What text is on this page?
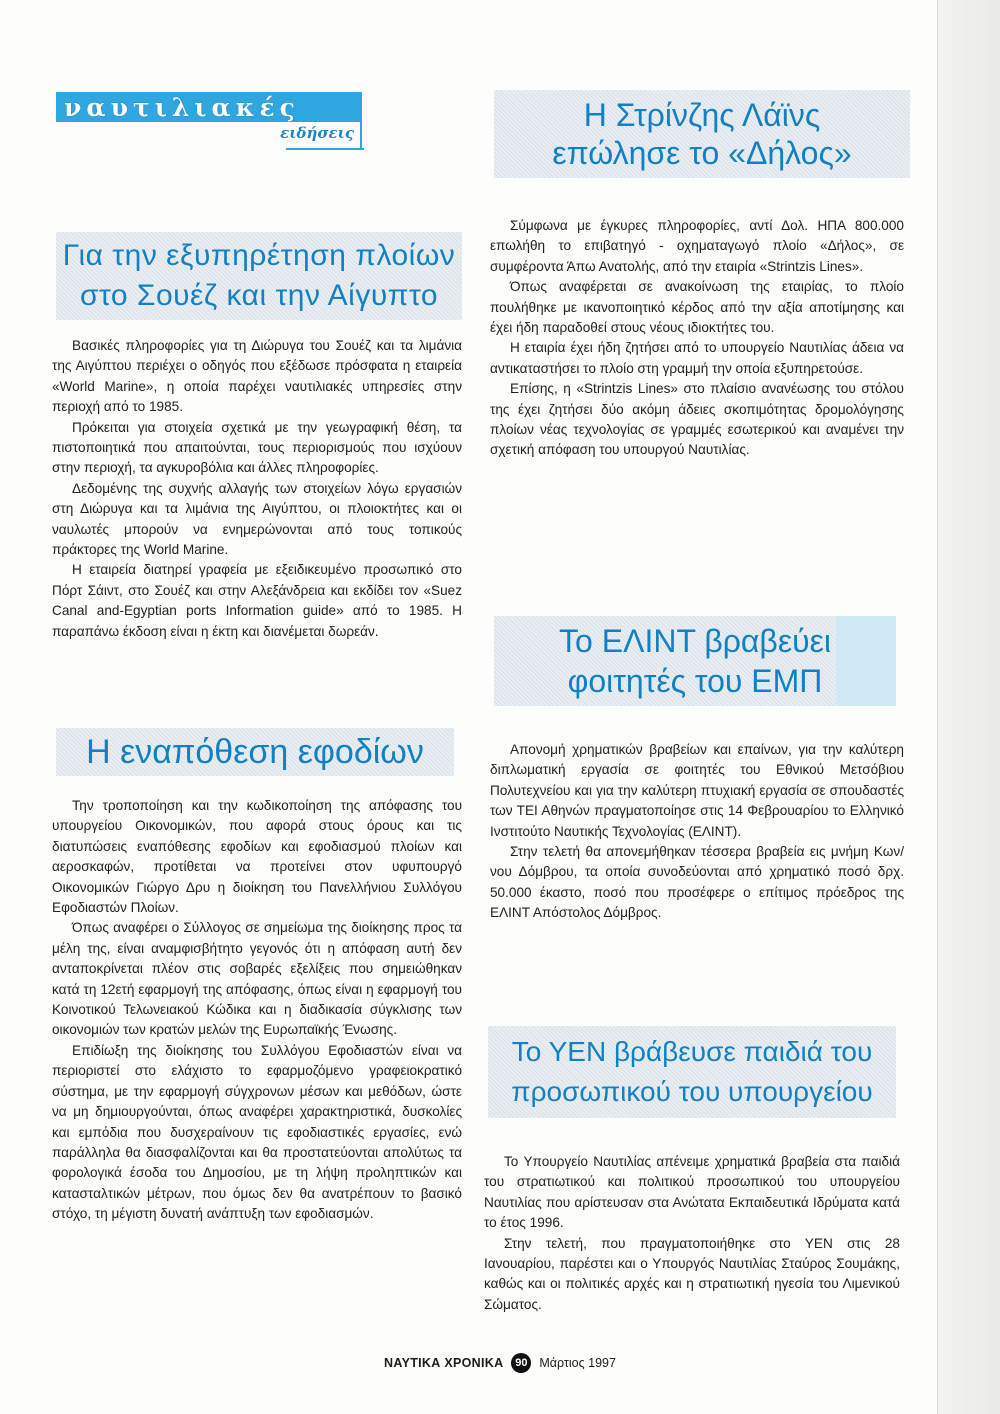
ναυτιλιακές
ειδήσεις
Για την εξυπηρέτηση πλοίων
στο Σουέζ και την Αίγυπτο
Η εναπόθεση εφοδίων
Η Στρίνζης Λάϊνς
επώλησε το «Δήλος»
Το ΕΛΙΝΤ βραβεύει
φοιτητές του ΕΜΠ
Το ΥΕΝ βράβευσε παιδιά του
προσωπικού του υπουργείου

Βασικές πληροφορίες για τη Διώρυγα του Σουέζ και τα λιμάνια της Αιγύπτου περιέχει ο οδηγός που εξέδωσε πρόσφατα η εταιρεία «World Marine», η οποία παρέχει ναυτιλιακές υπηρεσίες στην περιοχή από το 1985.

Πρόκειται για στοιχεία σχετικά με την γεωγραφική θέση, τα πιστοποιητικά που απαιτούνται, τους περιορισμούς που ισχύουν στην περιοχή, τα αγκυροβόλια και άλλες πληροφορίες.

Δεδομένης της συχνής αλλαγής των στοιχείων λόγω εργασιών στη Διώρυγα και τα λιμάνια της Αιγύπτου, οι πλοιοκτήτες και οι ναυλωτές μπορούν να ενημερώνονται από τους τοπικούς πράκτορες της World Marine.

Η εταιρεία διατηρεί γραφεία με εξειδικευμένο προσωπικό στο Πόρτ Σάιντ, στο Σουέζ και στην Αλεξάνδρεια και εκδίδει τον «Suez Canal and-Egyptian ports Information guide» από το 1985. Η παραπάνω έκδοση είναι η έκτη και διανέμεται δωρεάν.

Την τροποποίηση και την κωδικοποίηση της απόφασης του υπουργείου Οικονομικών, που αφορά στους όρους και τις διατυπώσεις εναπόθεσης εφοδίων και εφοδιασμού πλοίων και αεροσκαφών, προτίθεται να προτείνει στον υφυπουργό Οικονομικών Γιώργο Δρυ η διοίκηση του Πανελλήνιου Συλλόγου Εφοδιαστών Πλοίων.

Όπως αναφέρει ο Σύλλογος σε σημείωμα της διοίκησης προς τα μέλη της, είναι αναμφισβήτητο γεγονός ότι η απόφαση αυτή δεν ανταποκρίνεται πλέον στις σοβαρές εξελίξεις που σημειώθηκαν κατά τη 12ετή εφαρμογή της απόφασης, όπως είναι η εφαρμογή του Κοινοτικού Τελωνειακού Κώδικα και η διαδικασία σύγκλισης των οικονομιών των κρατών μελών της Ευρωπαϊκής Ένωσης.

Επιδίωξη της διοίκησης του Συλλόγου Εφοδιαστών είναι να περιοριστεί στο ελάχιστο το εφαρμοζόμενο γραφειοκρατικό σύστημα, με την εφαρμογή σύγχρονων μέσων και μεθόδων, ώστε να μη δημιουργούνται, όπως αναφέρει χαρακτηριστικά, δυσκολίες και εμπόδια που δυσχεραίνουν τις εφοδιαστικές εργασίες, ενώ παράλληλα θα διασφαλίζονται και θα προστατεύονται απολύτως τα φορολογικά έσοδα του Δημοσίου, με τη λήψη προληπτικών και κατασταλτικών μέτρων, που όμως δεν θα ανατρέπουν το βασικό στόχο, τη μέγιστη δυνατή ανάπτυξη των εφοδιασμών.

Σύμφωνα με έγκυρες πληροφορίες, αντί Δολ. ΗΠΑ 800.000 επωλήθη το επιβατηγό - οχηματαγωγό πλοίο «Δήλος», σε συμφέροντα Άπω Ανατολής, από την εταιρία «Strintzis Lines».

Όπως αναφέρεται σε ανακοίνωση της εταιρίας, το πλοίο πουλήθηκε με ικανοποιητικό κέρδος από την αξία αποτίμησης και έχει ήδη παραδοθεί στους νέους ιδιοκτήτες του.

Η εταιρία έχει ήδη ζητήσει από το υπουργείο Ναυτιλίας άδεια να αντικαταστήσει το πλοίο στη γραμμή την οποία εξυπηρετούσε.

Επίσης, η «Strintzis Lines» στο πλαίσιο ανανέωσης του στόλου της έχει ζητήσει δύο ακόμη άδειες σκοπιμότητας δρομολόγησης πλοίων νέας τεχνολογίας σε γραμμές εσωτερικού και αναμένει την σχετική απόφαση του υπουργού Ναυτιλίας.

Απονομή χρηματικών βραβείων και επαίνων, για την καλύτερη διπλωματική εργασία σε φοιτητές του Εθνικού Μετσόβιου Πολυτεχνείου και για την καλύτερη πτυχιακή εργασία σε σπουδαστές των ΤΕΙ Αθηνών πραγματοποίησε στις 14 Φεβρουαρίου το Ελληνικό Ινστιτούτο Ναυτικής Τεχνολογίας (ΕΛΙΝΤ).

Στην τελετή θα απονεμήθηκαν τέσσερα βραβεία εις μνήμη Κων/νου Δόμβρου, τα οποία συνοδεύονται από χρηματικό ποσό δρχ. 50.000 έκαστο, ποσό που προσέφερε ο επίτιμος πρόεδρος της ΕΛΙΝΤ Απόστολος Δόμβρος.

Το Υπουργείο Ναυτιλίας απένειμε χρηματικά βραβεία στα παιδιά του στρατιωτικού και πολιτικού προσωπικού του υπουργείου Ναυτιλίας που αρίστευσαν στα Ανώτατα Εκπαιδευτικά Ιδρύματα κατά το έτος 1996.

Στην τελετή, που πραγματοποιήθηκε στο ΥΕΝ στις 28 Ιανουαρίου, παρέστει και ο Υπουργός Ναυτιλίας Σταύρος Σουμάκης, καθώς και οι πολιτικές αρχές και η στρατιωτική ηγεσία του Λιμενικού Σώματος.

ΝΑΥΤΙΚΑ ΧΡΟΝΙΚΑ	90 Μάρτιος 1997
